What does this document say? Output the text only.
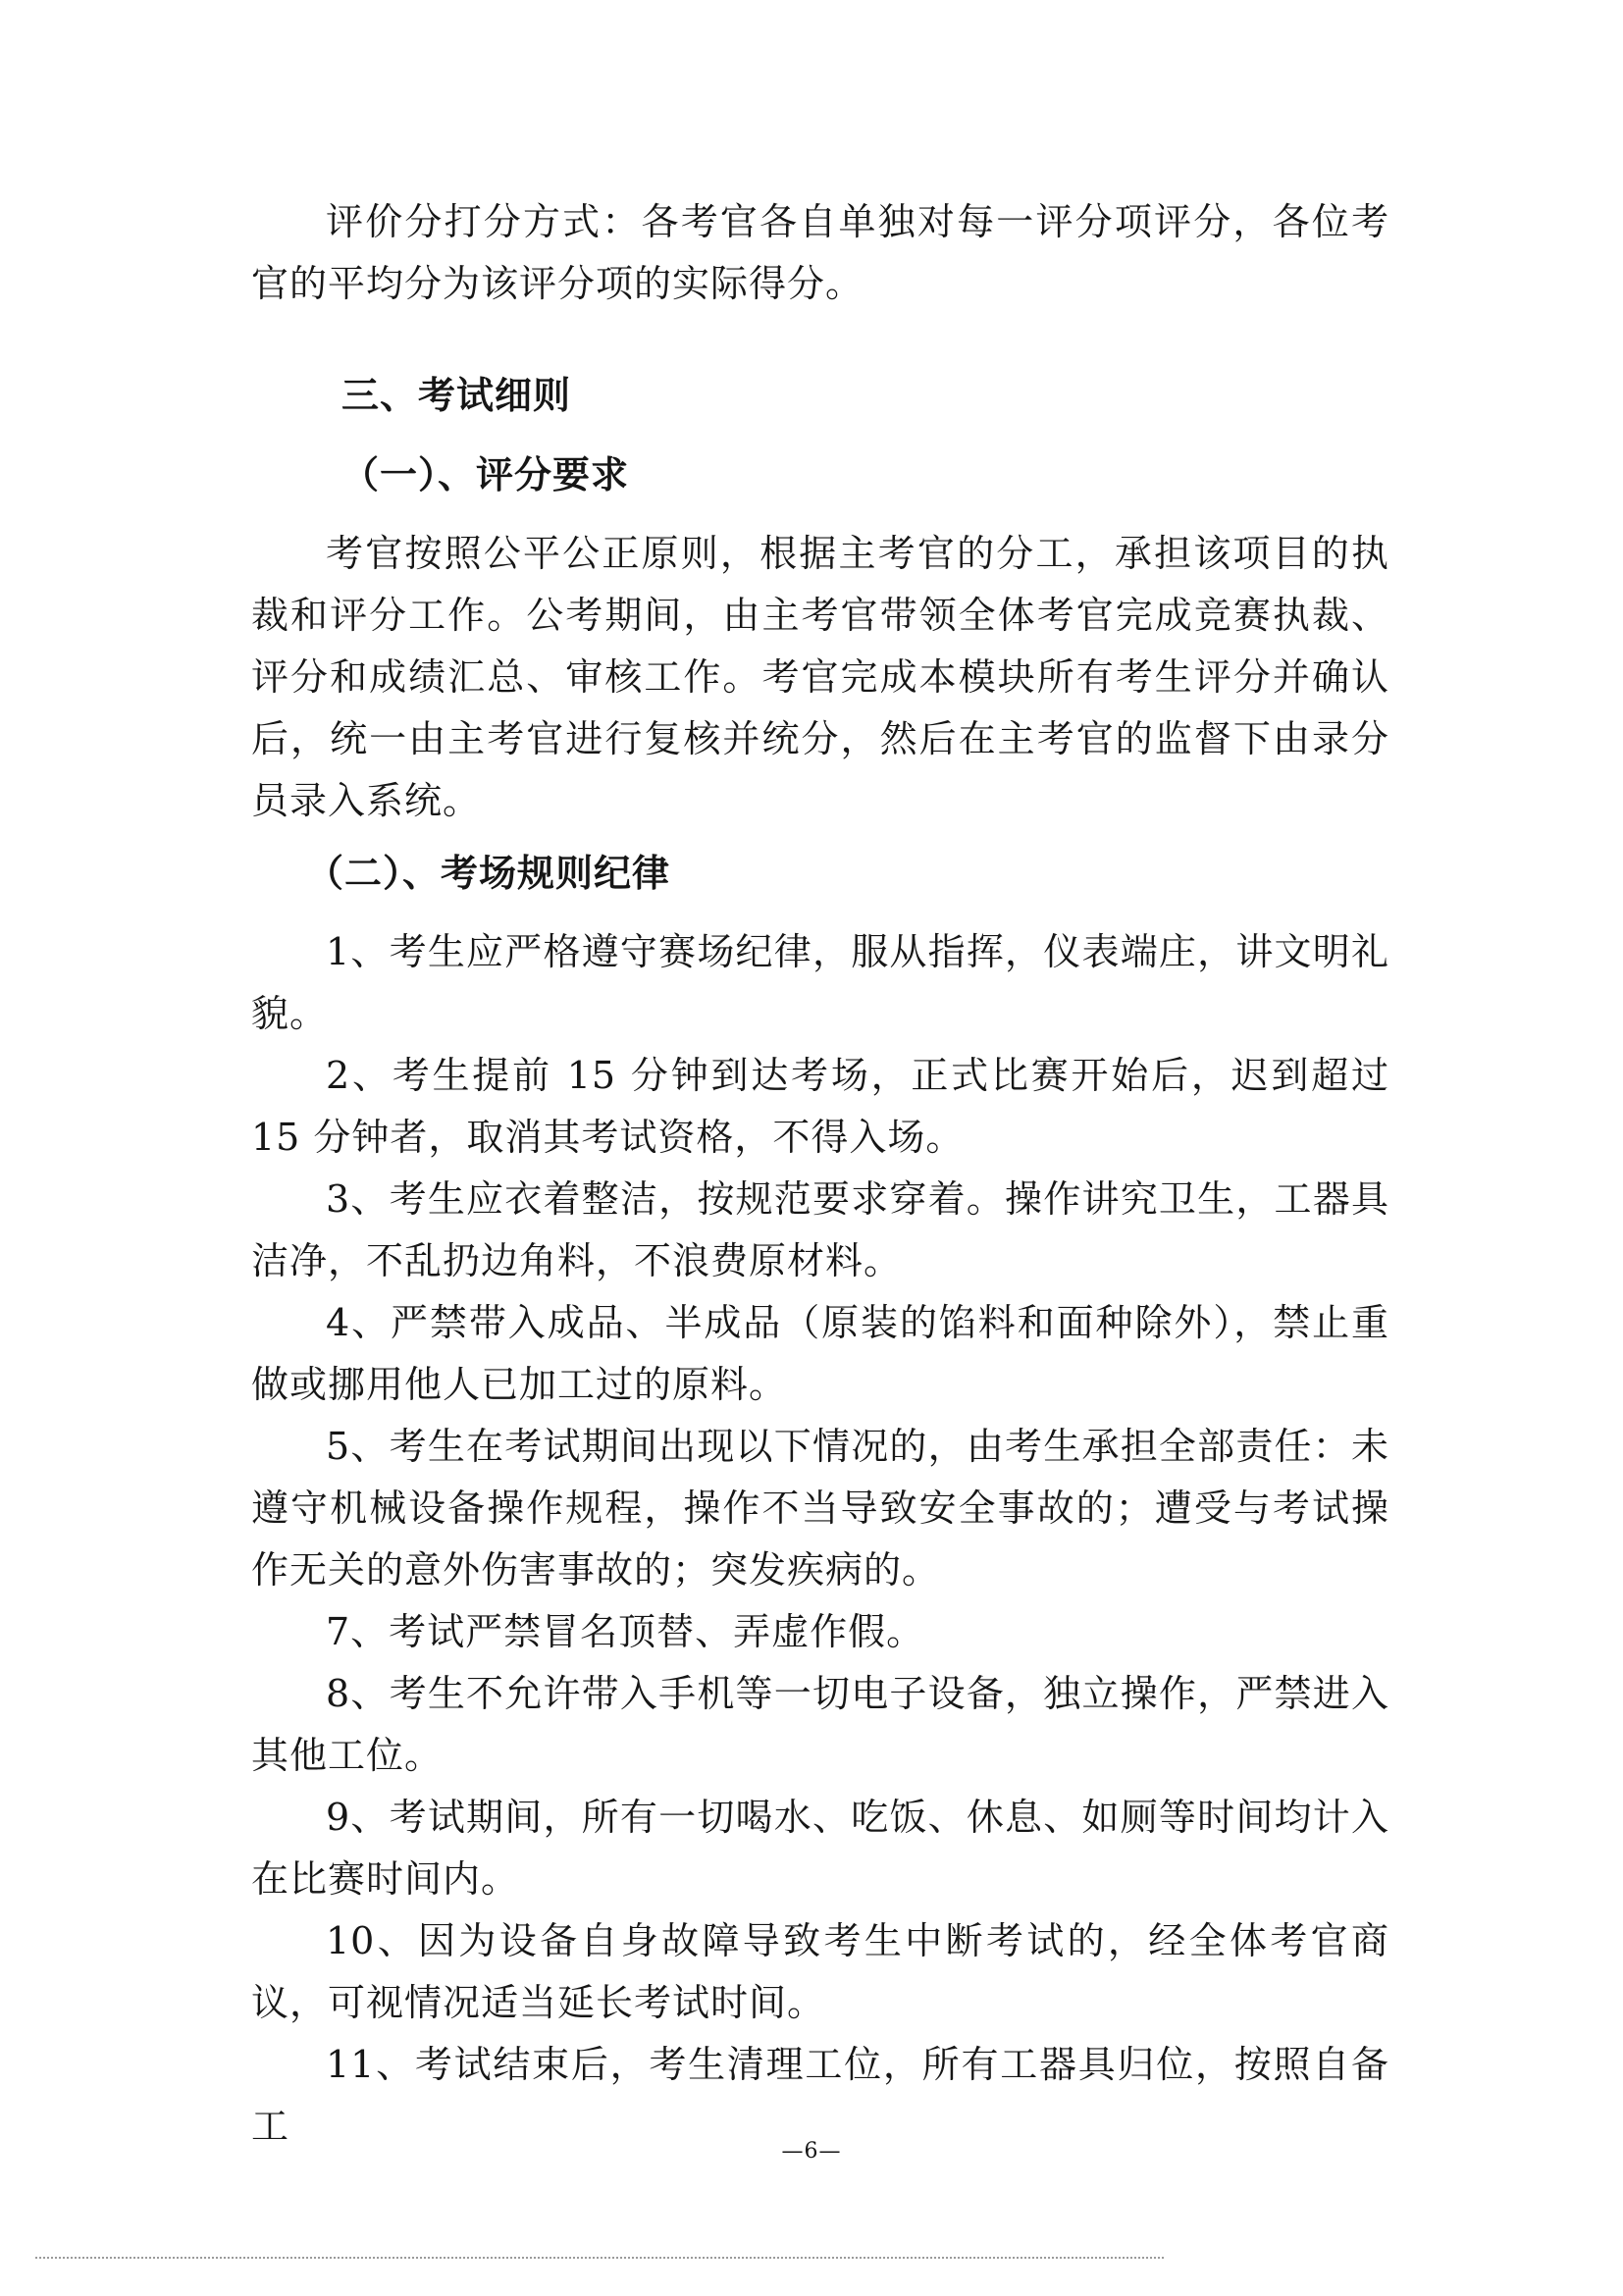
评价分打分方式：各考官各自单独对每一评分项评分，各位考官的平均分为该评分项的实际得分。

三、考试细则

（一）、评分要求

考官按照公平公正原则，根据主考官的分工，承担该项目的执裁和评分工作。公考期间，由主考官带领全体考官完成竞赛执裁、评分和成绩汇总、审核工作。考官完成本模块所有考生评分并确认后，统一由主考官进行复核并统分，然后在主考官的监督下由录分员录入系统。

（二）、考场规则纪律

1、考生应严格遵守赛场纪律，服从指挥，仪表端庄，讲文明礼貌。

2、考生提前 15 分钟到达考场，正式比赛开始后，迟到超过 15 分钟者，取消其考试资格，不得入场。

3、考生应衣着整洁，按规范要求穿着。操作讲究卫生，工器具洁净，不乱扔边角料，不浪费原材料。

4、严禁带入成品、半成品（原装的馅料和面种除外），禁止重做或挪用他人已加工过的原料。

5、考生在考试期间出现以下情况的，由考生承担全部责任：未遵守机械设备操作规程，操作不当导致安全事故的；遭受与考试操作无关的意外伤害事故的；突发疾病的。

7、考试严禁冒名顶替、弄虚作假。

8、考生不允许带入手机等一切电子设备，独立操作，严禁进入其他工位。

9、考试期间，所有一切喝水、吃饭、休息、如厕等时间均计入在比赛时间内。

10、因为设备自身故障导致考生中断考试的，经全体考官商议，可视情况适当延长考试时间。

11、考试结束后，考生清理工位，所有工器具归位，按照自备工

—6—
